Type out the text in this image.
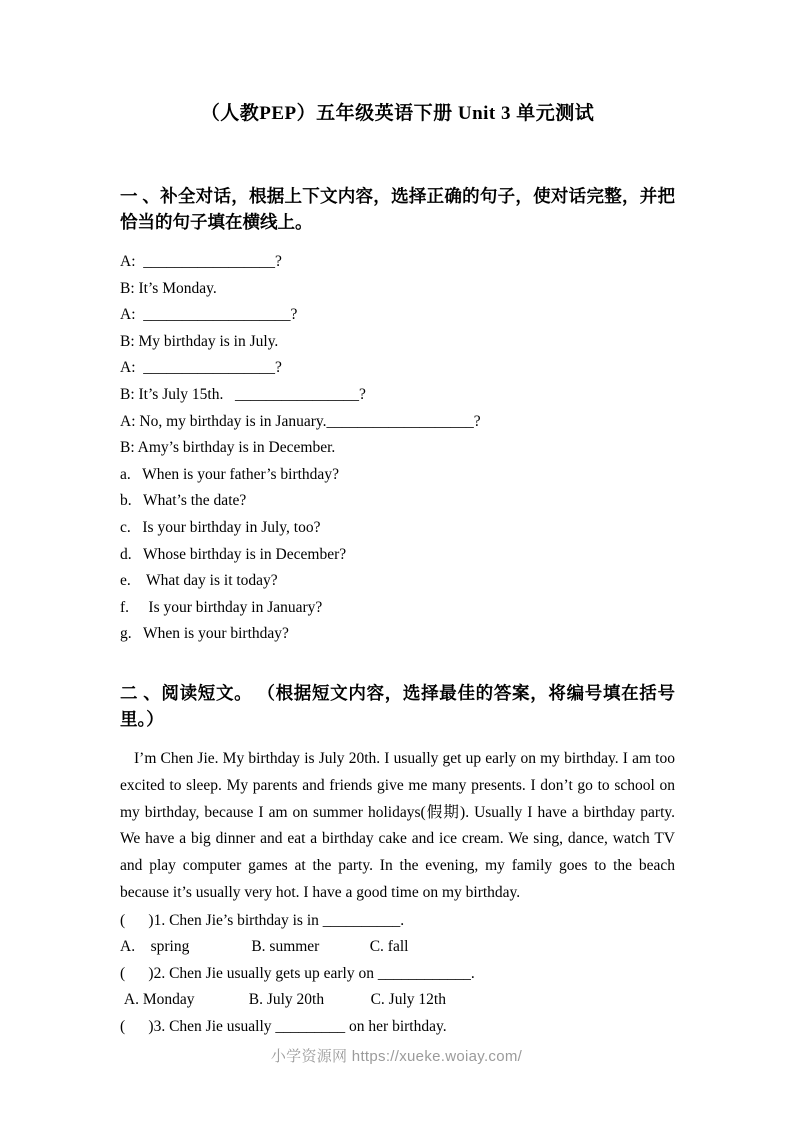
（人教PEP）五年级英语下册 Unit 3 单元测试

一 、补全对话，根据上下文内容，选择正确的句子，使对话完整，并把恰当的句子填在横线上。

A:  _________________?

B: It’s Monday.

A:  ___________________?

B: My birthday is in July.

A:  _________________?

B: It’s July 15th.   ________________?

A: No, my birthday is in January.___________________?

B: Amy’s birthday is in December.

a.   When is your father’s birthday?

b.   What’s the date?

c.   Is your birthday in July, too?

d.   Whose birthday is in December?

e.    What day is it today?

f.     Is your birthday in January?

g.   When is your birthday?

二 、阅读短文。 （根据短文内容，选择最佳的答案，将编号填在括号里。）

I’m Chen Jie. My birthday is July 20th. I usually get up early on my birthday. I am too excited to sleep. My parents and friends give me many presents. I don’t go to school on my birthday, because I am on summer holidays(假期). Usually I have a birthday party. We have a big dinner and eat a birthday cake and ice cream. We sing, dance, watch TV and play computer games at the party. In the evening, my family goes to the beach because it’s usually very hot. I have a good time on my birthday.

(      )1. Chen Jie’s birthday is in __________.

A.    spring                B. summer             C. fall

(      )2. Chen Jie usually gets up early on ____________.

A. Monday              B. July 20th            C. July 12th

(      )3. Chen Jie usually _________ on her birthday.

小学资源网 https://xueke.woiay.com/
